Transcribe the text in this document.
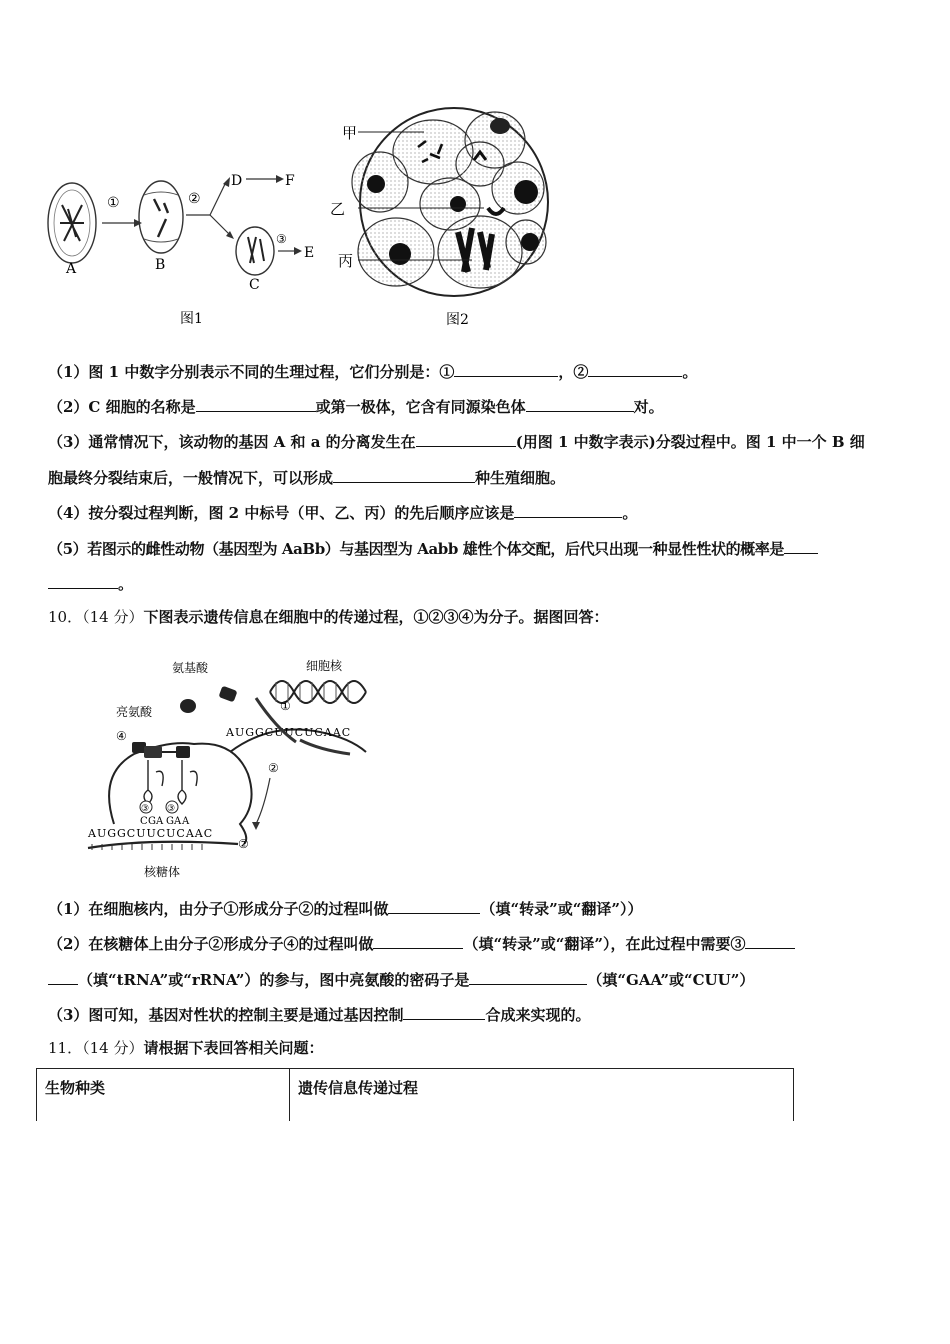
①	②
D	F
③
E
A	B
C
图1
甲
乙
丙
图2
（1）图 1 中数字分别表示不同的生理过程，它们分别是：①	，②	。
（2）C 细胞的名称是	或第一极体，它含有同源染色体	对。
（3）通常情况下，该动物的基因 A 和 a 的分离发生在	(用图 1 中数字表示)分裂过程中。图 1 中一个 B 细
胞最终分裂结束后，一般情况下，可以形成	种生殖细胞。
（4）按分裂过程判断，图 2 中标号（甲、乙、丙）的先后顺序应该是	。
（5）若图示的雌性动物（基因型为 AaBb）与基因型为 Aabb 雄性个体交配，后代只出现一种显性性状的概率是
。
10．（14 分）下图表示遗传信息在细胞中的传递过程，①②③④为分子。据图回答：
细胞核
①
氨基酸
AUGGCUUCUCAAC
②
亮氨酸
④
③ ③
C G A G A A
AUGGCUUCUCAAC
②
核糖体
（1）在细胞核内，由分子①形成分子②的过程叫做	（填“转录”或“翻译”））
（2）在核糖体上由分子②形成分子④的过程叫做	（填“转录”或“翻译”），在此过程中需要③
（填“tRNA”或“rRNA”）的参与，图中亮氨酸的密码子是	（填“GAA”或“CUU”）
（3）图可知，基因对性状的控制主要是通过基因控制	合成来实现的。
11．（14 分）请根据下表回答相关问题：
生物种类	遗传信息传递过程
